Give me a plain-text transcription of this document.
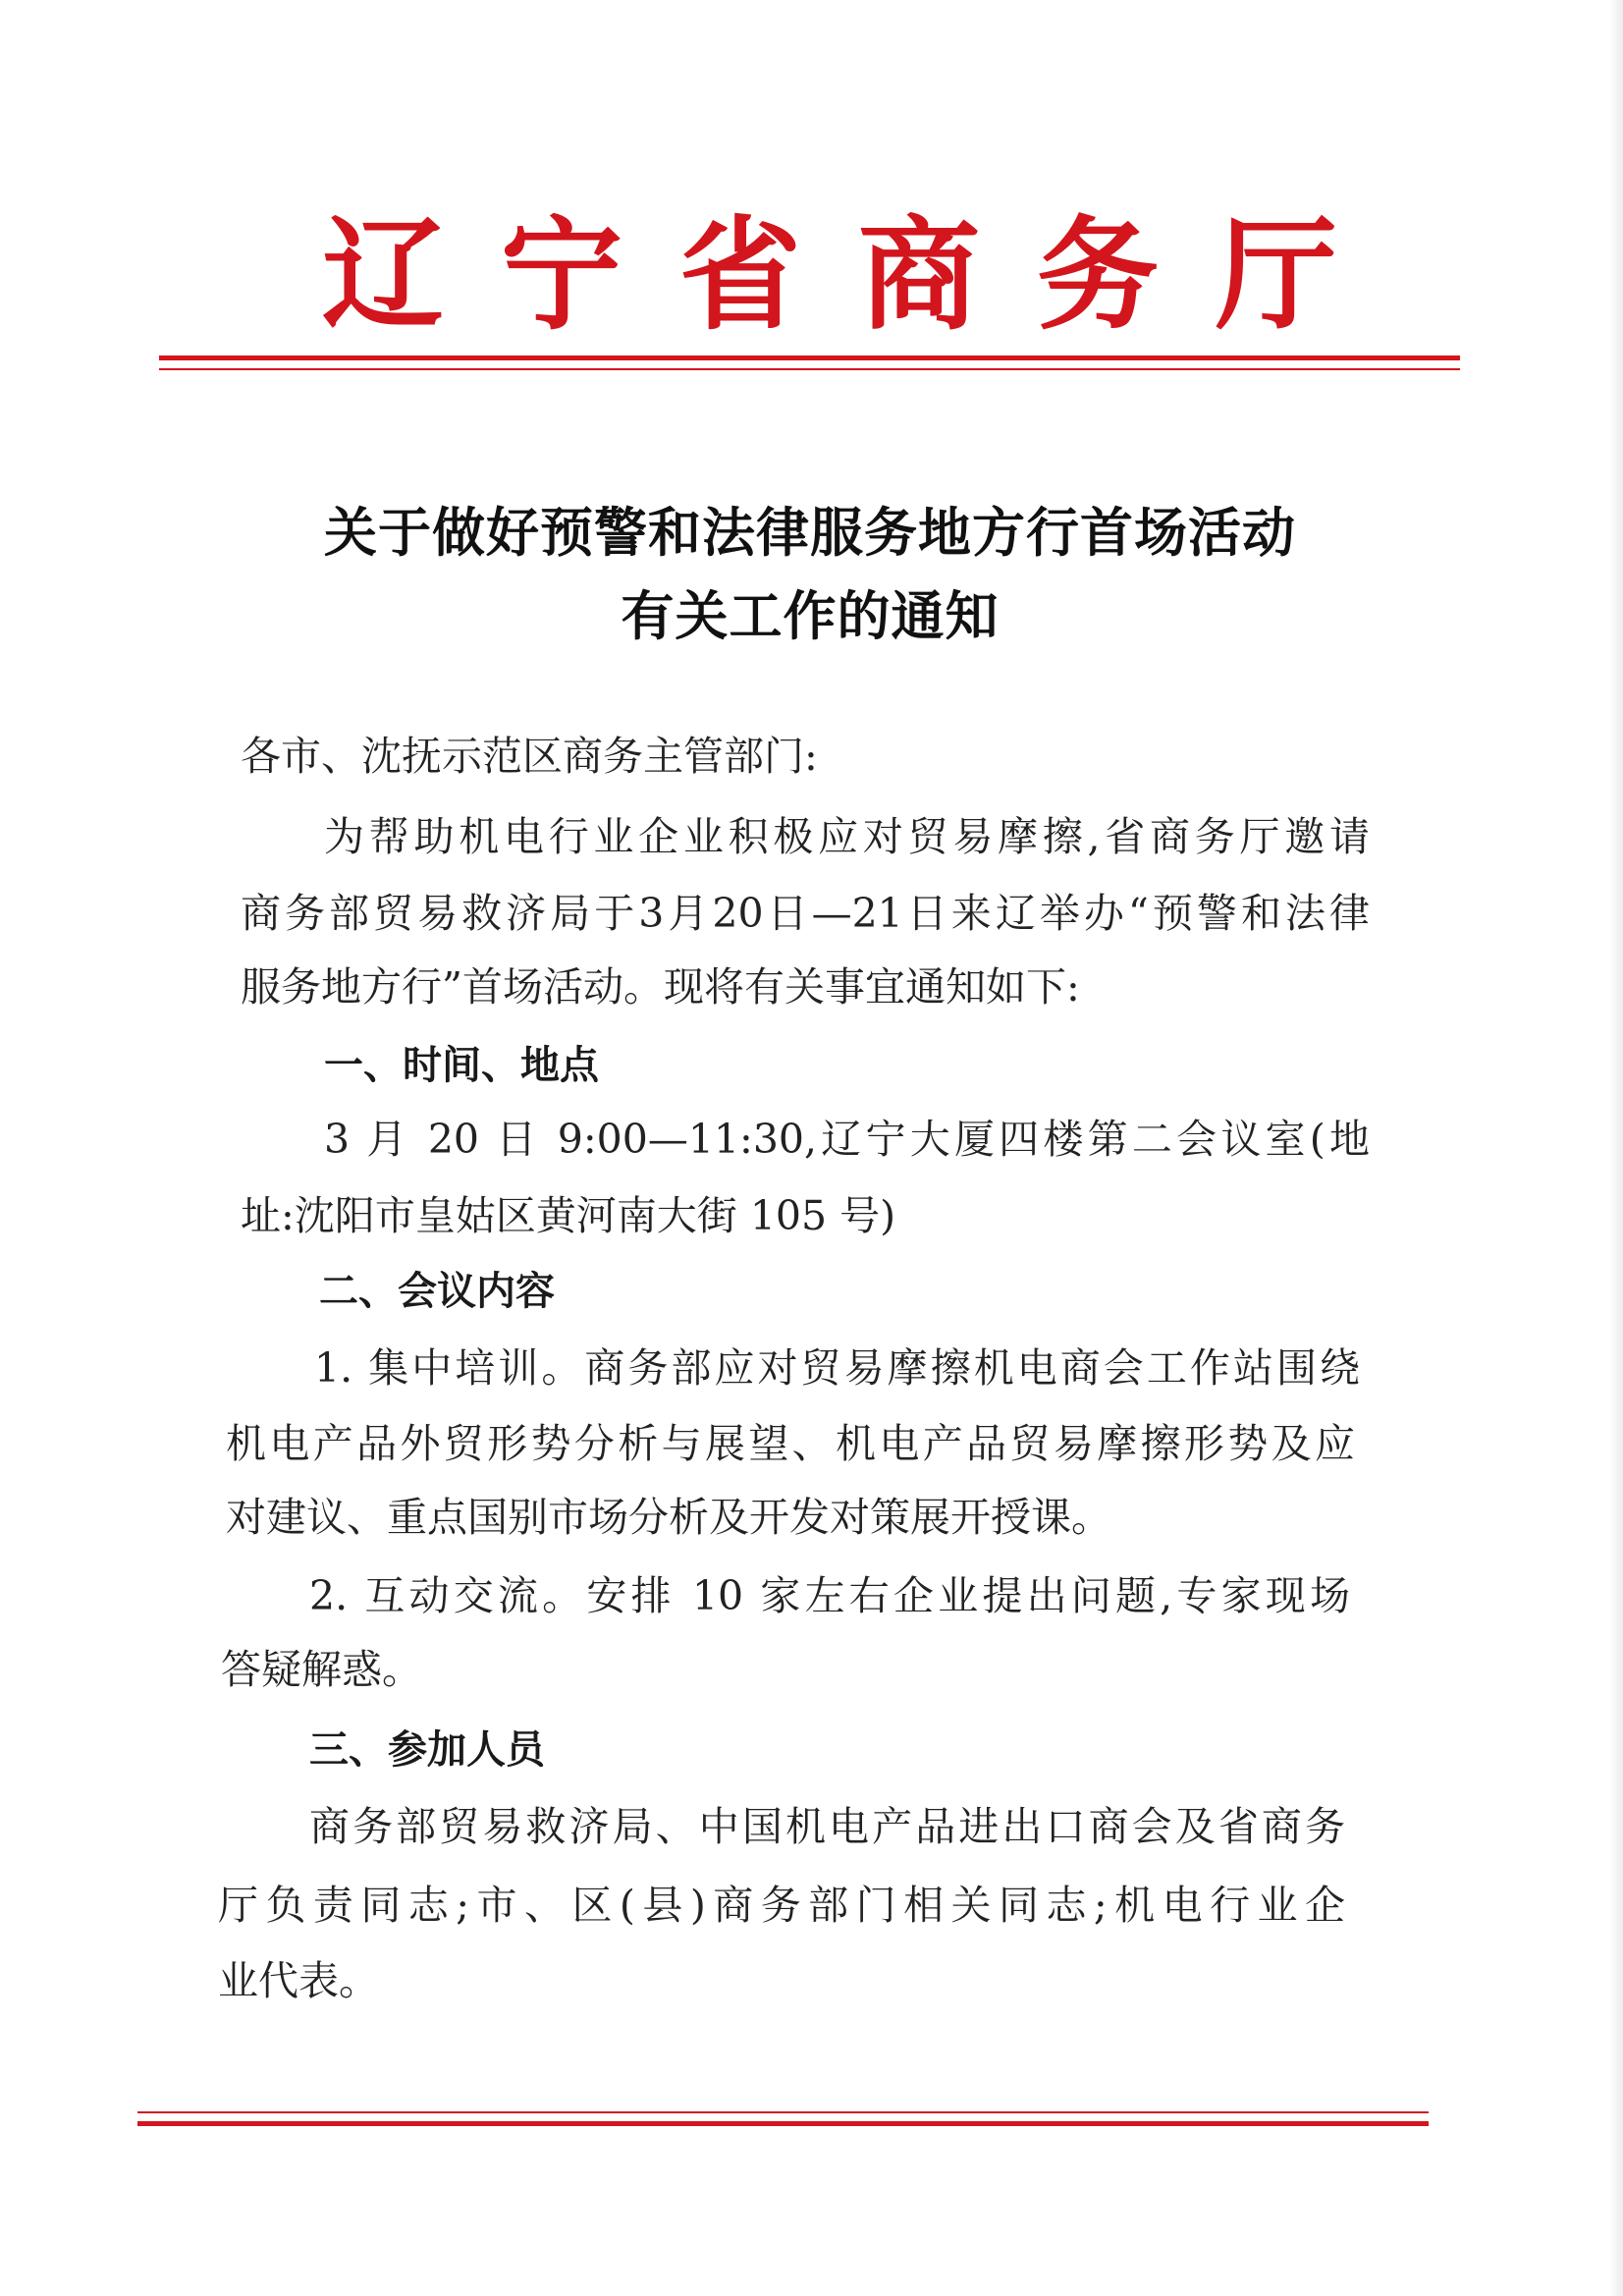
辽 宁 省 商 务 厅
关于做好预警和法律服务地方行首场活动
有关工作的通知
各市、沈抚示范区商务主管部门:
为帮助机电行业企业积极应对贸易摩擦,省商务厅邀请
商务部贸易救济局于3月20日—21日来辽举办“预警和法律
服务地方行”首场活动。现将有关事宜通知如下:
一、时间、地点
3 月 20 日 9:00—11:30,辽宁大厦四楼第二会议室(地
址:沈阳市皇姑区黄河南大街 105 号)
二、会议内容
1. 集中培训。商务部应对贸易摩擦机电商会工作站围绕
机电产品外贸形势分析与展望、机电产品贸易摩擦形势及应
对建议、重点国别市场分析及开发对策展开授课。
2. 互动交流。安排 10 家左右企业提出问题,专家现场
答疑解惑。
三、参加人员
商务部贸易救济局、中国机电产品进出口商会及省商务
厅负责同志;市、区(县)商务部门相关同志;机电行业企
业代表。
